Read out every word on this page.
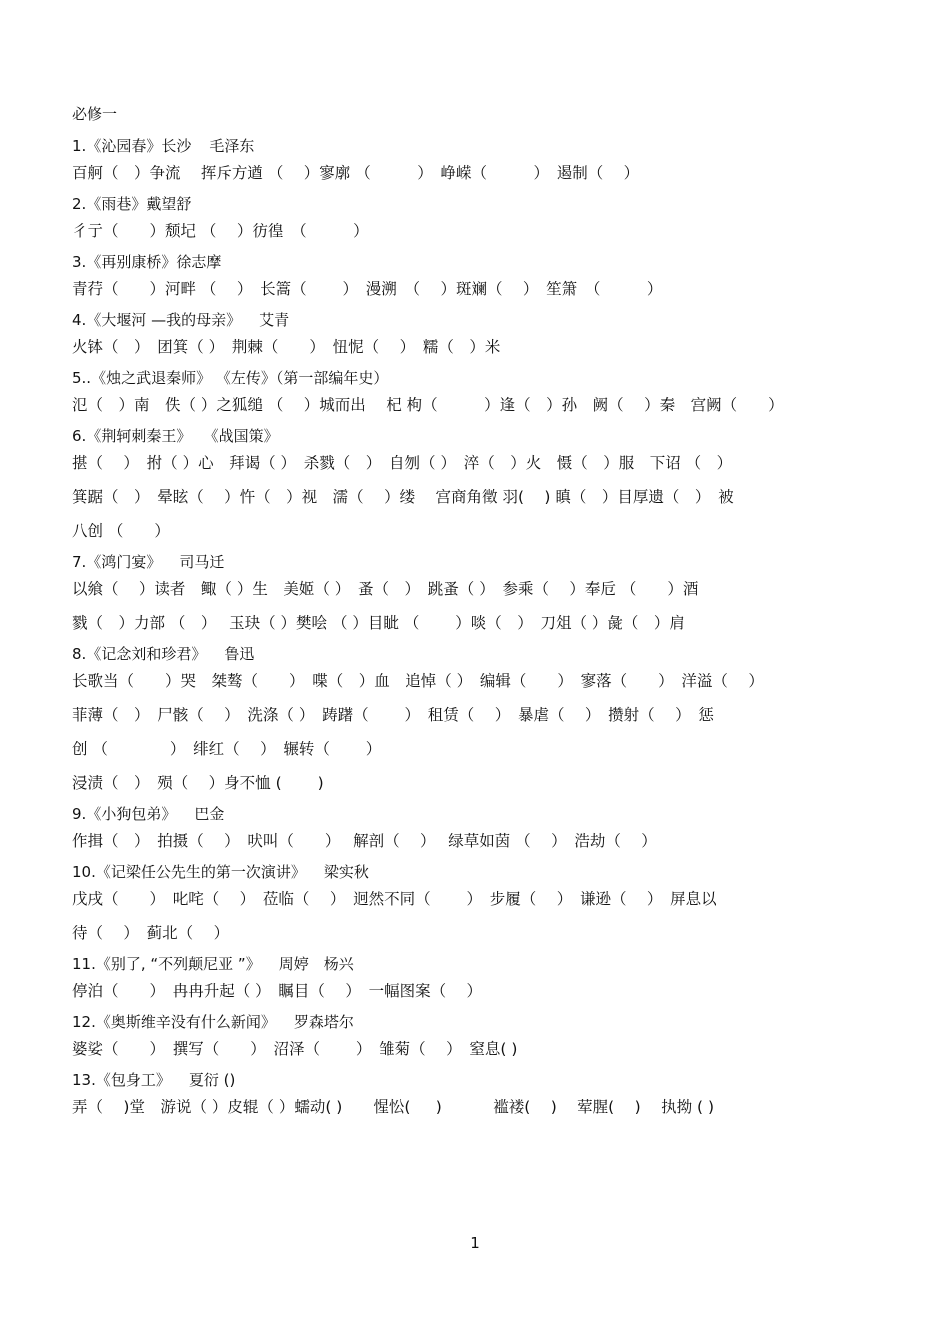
必修一
1.《沁园春》长沙 毛泽东
百舸（　）争流　 挥斥方遒 （　 ）寥廓 （　　　）　峥嵘（　　　）　遏制（　 ）
2.《雨巷》戴望舒
彳亍（　　）颓圮 （　 ）彷徨　（　　　）
3.《再别康桥》徐志摩
青荇（　　）河畔 （　 ）　长篙（　　 ）　漫溯　（　 ）斑斓（　 ）　笙箫　（　　　）
4.《大堰河 —我的母亲》 艾青
火钵（　）　团箕（ ）　荆棘（　　）　忸怩（　 ）　糯（　）米
5..《烛之武退秦师》 《左传》（第一部编年史）
氾（　）南　佚（ ）之狐缒 （　 ）城而出　 杞 枸（　　　）逢（　）孙　阙（　 ）秦　宫阙（　　）
6.《荆轲刺秦王》　 《战国策》
揕（　 ）　拊（ ）心　拜谒（ ）　杀戮（　）　自刎（ ）　淬（　）火　慑（　）服　下诏 （　）
箕踞（　）　晕眩（　 ）忤（　）视　濡（　 ）缕　 宫商角徵 羽(　 ) 瞋（　）目厚遗（　）　被
八创 （　　）
7.《鸿门宴》 司马迁
以飨（　 ）读者　鲰（ ）生　美姬（ ）　蚤（　）　跳蚤（ ）　参乘（　 ）奉卮 （　　）酒
戮（　）力部 （　）　 玉玦（ ）樊哙 （ ）目眦 （　　 ）啖（　）　刀俎（ ）彘（　）肩
8.《记念刘和珍君》 鲁迅
长歌当（　　）哭　桀骜（　　）　喋（　）血　追悼（ ）　编辑（　　）　寥落（　　）　洋溢（　 ）
菲薄（　）　尸骸（　 ）　洗涤（ ）　踌躇（　　 ）　租赁（　 ）　暴虐（　 ）　攒射（　 ）　惩
创 （　　　　）　绯红（　 ）　辗转（　　 ）
浸渍（　）　殒（　 ）身不恤 (　　 )
9.《小狗包弟》 巴金
作揖（　）　拍摄（　 ）　吠叫（　　）　 解剖（　 ）　 绿草如茵 （　 ）　浩劫（　 ）
10.《记梁任公先生的第一次演讲》 梁实秋
戊戌（　　）　叱咤（　 ）　莅临（　 ）　迥然不同（　　 ）　步履（　 ）　谦逊（　 ）　屏息以
待（　 ）　蓟北（　 ）
11.《别了, “不列颠尼亚 ”》 周婷　杨兴
停泊（　　）　冉冉升起（ ）　瞩目（　 ）　一幅图案（　 ）
12.《奥斯维辛没有什么新闻》 罗森塔尔
婆娑（　　）　撰写（　　）　沼泽（　　 ）　雏菊（　 ）　窒息( )
13.《包身工》 夏衍 ()
弄（　 )堂　游说（ ）皮辊（ ）蠕动( )　　惺忪( 　 ) 　　　褴褛( 　) 　荤腥( 　) 　执拗 ( )
1
